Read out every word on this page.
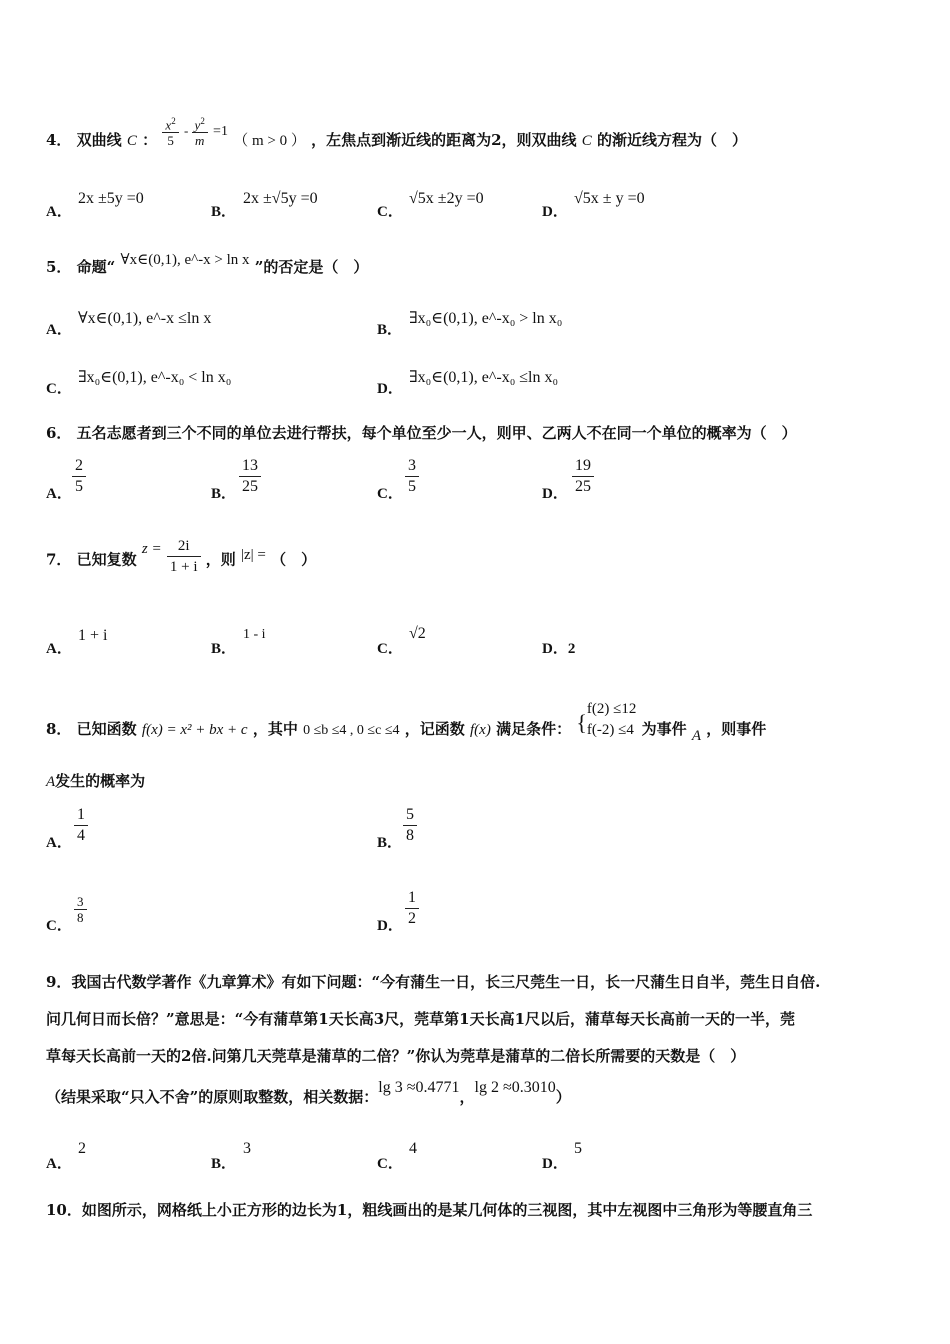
4． 双曲线 C ： $\frac{x^2}{5} - \frac{y^2}{m} =1$ （ m > 0 ） ，左焦点到渐近线的距离为2，则双曲线 C 的渐近线方程为（　）
A．
2x ±5y =0
B．
2x ±√5y =0
C．
√5x ±2y =0
D．
√5x ± y =0
5． 命题“ ∀x∈(0,1), e^-x > ln x ”的否定是（　）
A．
∀x∈(0,1), e^-x ≤ln x
B．
∃x₀∈(0,1), e^-x₀ > ln x₀
C．
∃x₀∈(0,1), e^-x₀ < ln x₀
D．
∃x₀∈(0,1), e^-x₀ ≤ln x₀
6． 五名志愿者到三个不同的单位去进行帮扶，每个单位至少一人，则甲、乙两人不在同一个单位的概率为（　）
A． $\frac{2}{5}$	B． $\frac{13}{25}$	C． $\frac{3}{5}$	D． $\frac{19}{25}$
7． 已知复数 $z = \frac{2i}{1 + i}$ ，则 |z| = （　）
A．
1 + i
B．
1 - i
C．
√2
D．2
8． 已知函数 f(x) = x² + bx + c ，其中 0 ≤b ≤4 , 0 ≤c ≤4 ，记函数 f(x) 满足条件： {
f(2) ≤12
f(-2) ≤4 为事件 A ，则事件
A发生的概率为
A． $\frac{1}{4}$	B． $\frac{5}{8}$
C．
$\frac{3}{8}$
D． $\frac{1}{2}$
9．我国古代数学著作《九章算术》有如下问题：“今有蒲生一日，长三尺莞生一日，长一尺蒲生日自半，莞生日自倍.
问几何日而长倍？”意思是：“今有蒲草第1天长高3尺，莞草第1天长高1尺以后，蒲草每天长高前一天的一半，莞
草每天长高前一天的2倍.问第几天莞草是蒲草的二倍？”你认为莞草是蒲草的二倍长所需要的天数是（　）
（结果采取“只入不舍”的原则取整数，相关数据：lg 3 ≈0.4771，lg 2 ≈0.3010）
A．
2
B．
3
C．
4
D．
5
10．如图所示，网格纸上小正方形的边长为1，粗线画出的是某几何体的三视图，其中左视图中三角形为等腰直角三
